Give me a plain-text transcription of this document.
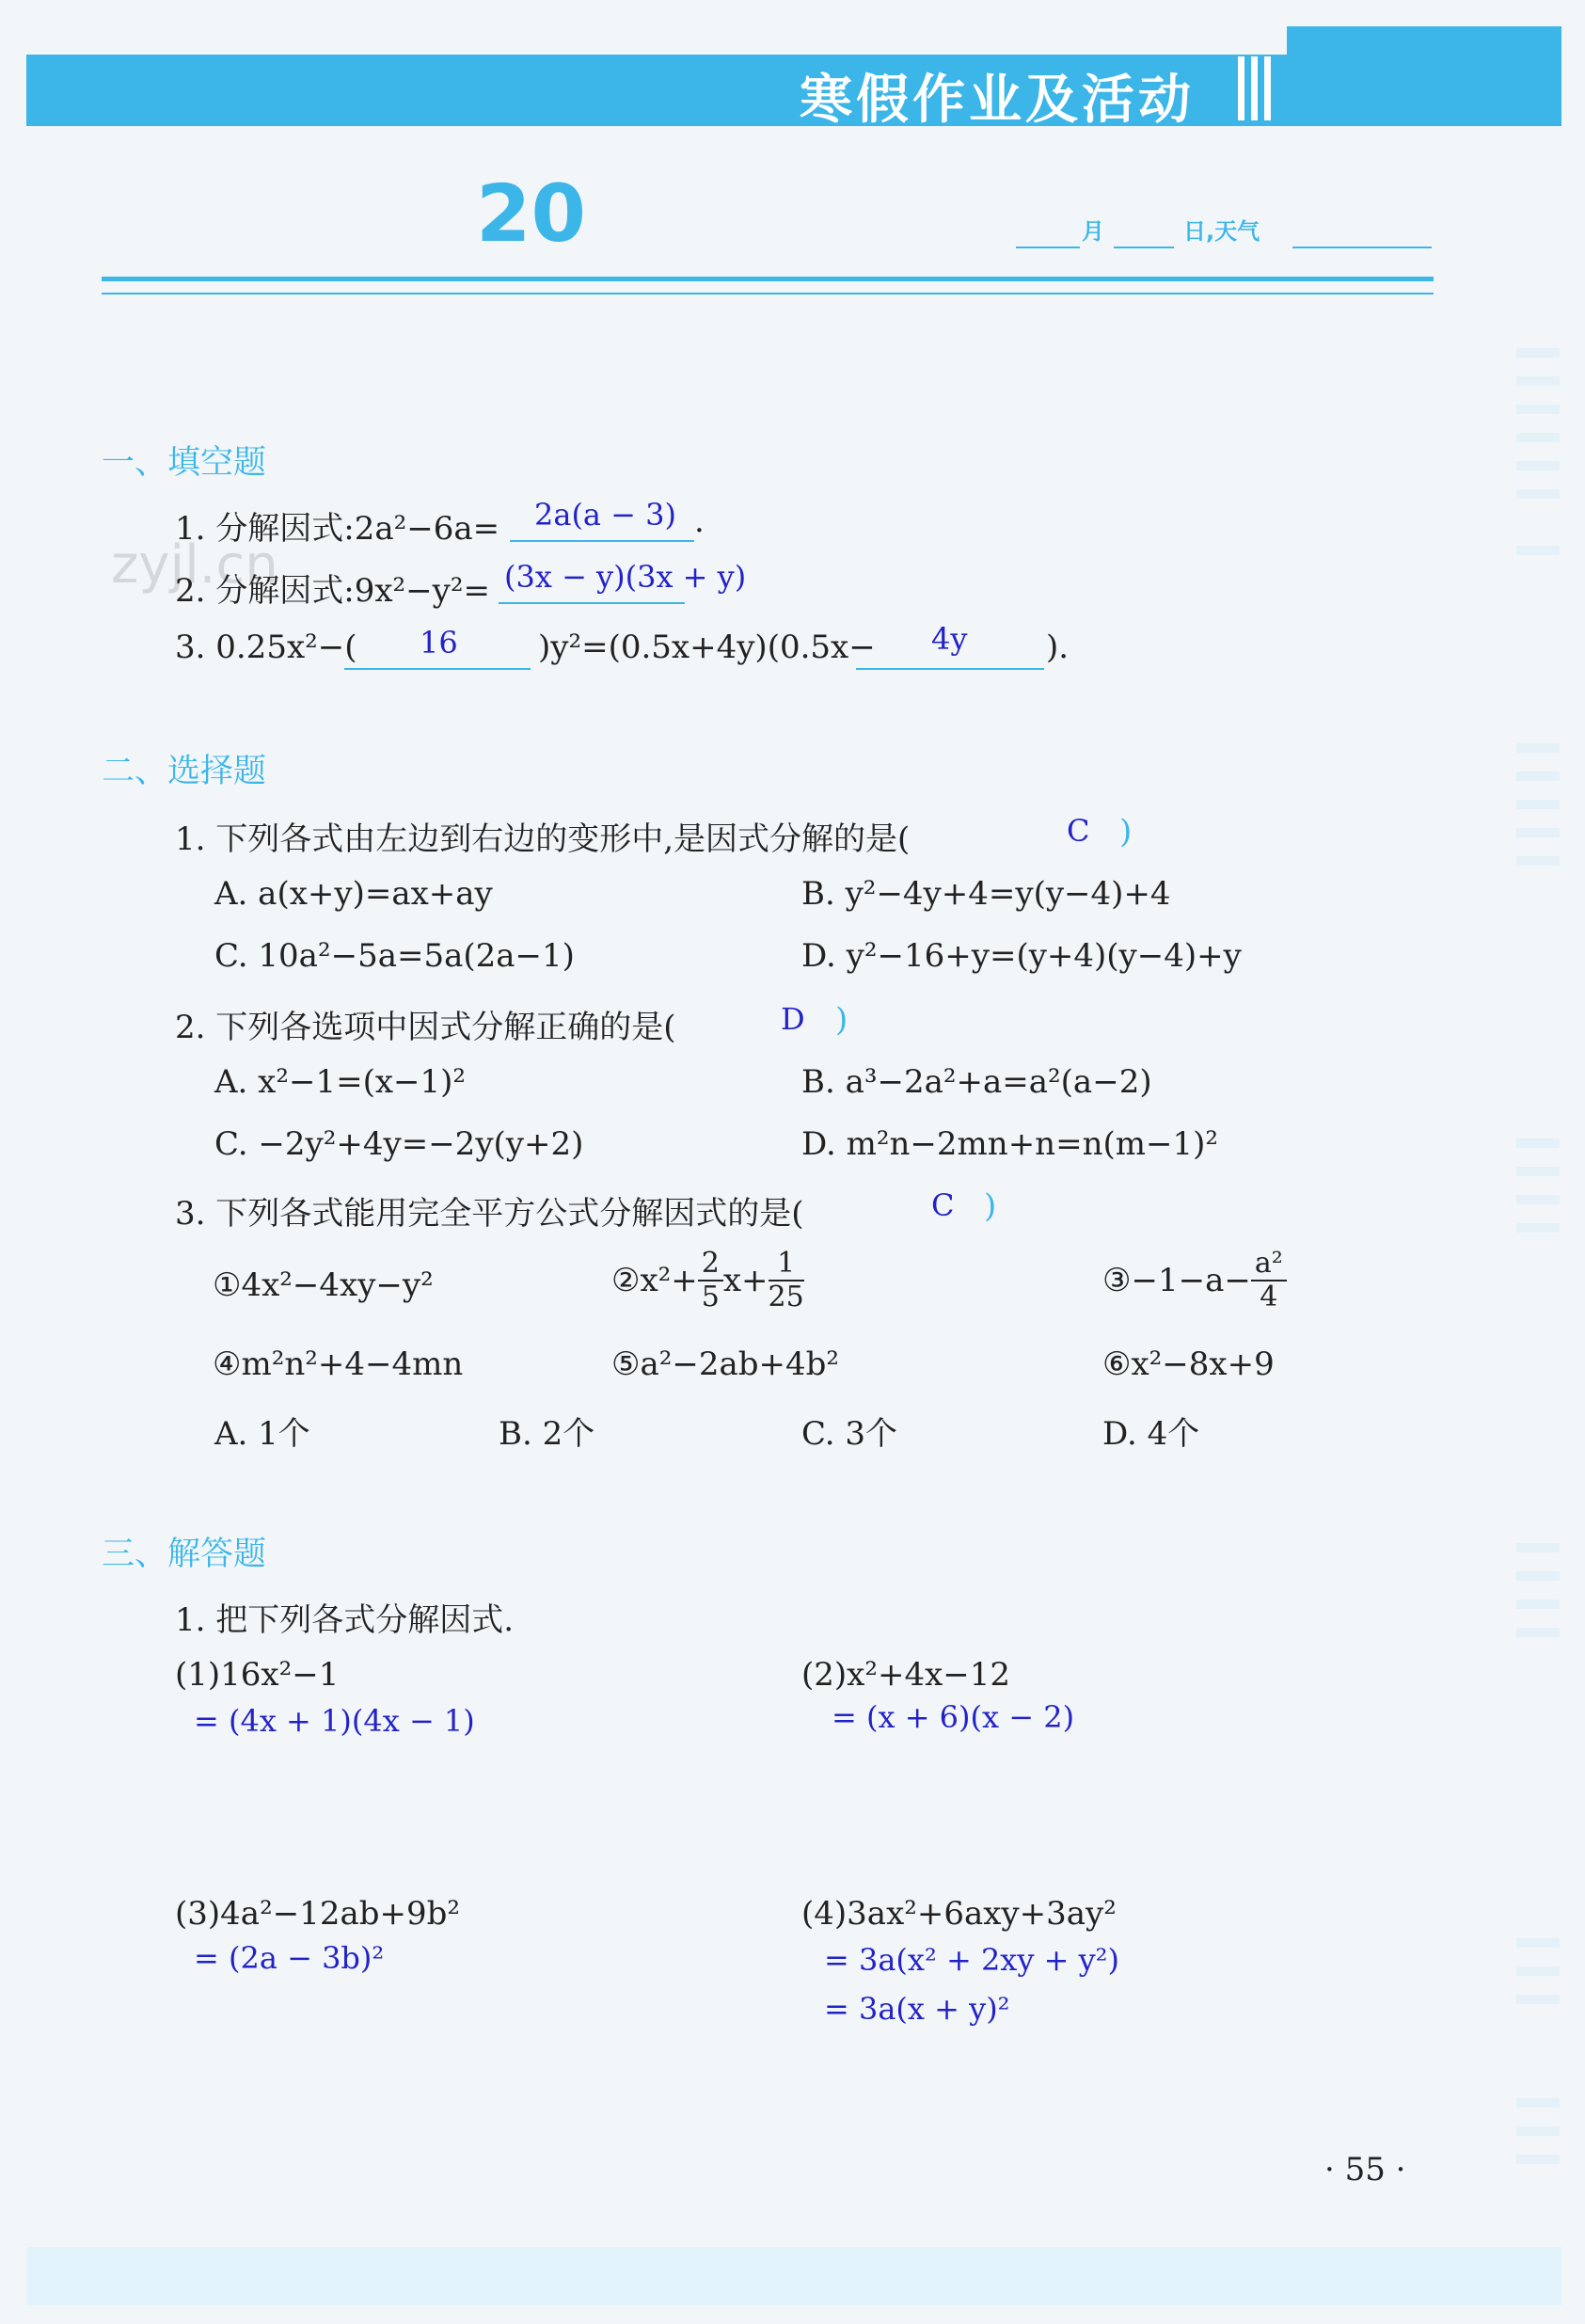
寒假作业及活动
20	月	日,天气
zyjl.cn
一、填空题
1. 分解因式:2a²−6a= 2a(a − 3) .
2. 分解因式:9x²−y²= (3x − y)(3x + y)
3. 0.25x²−( 16	)y²=(0.5x+4y)(0.5x− 4y ).
二、选择题
1. 下列各式由左边到右边的变形中,是因式分解的是(	C )
A. a(x+y)=ax+ay	B. y²−4y+4=y(y−4)+4
C. 10a²−5a=5a(2a−1)	D. y²−16+y=(y+4)(y−4)+y
2. 下列各选项中因式分解正确的是(	D )
A. x²−1=(x−1)²	B. a³−2a²+a=a²(a−2)
C. −2y²+4y=−2y(y+2)	D. m²n−2mn+n=n(m−1)²
3. 下列各式能用完全平方公式分解因式的是(	C )
①4x²−4xy−y²	②x²+ $\frac{2}{5} x+ \frac{1}{25}$	③−1−a− $\frac{\text{a²}}{4}$
④m²n²+4−4mn	⑤a²−2ab+4b²	⑥x²−8x+9
A. 1个	B. 2个	C. 3个	D. 4个
三、解答题
1. 把下列各式分解因式.
(1)16x²−1
= (4x + 1)(4x − 1)
(2)x²+4x−12
= (x + 6)(x − 2)
(3)4a²−12ab+9b²
= (2a − 3b)²
(4)3ax²+6axy+3ay²
= 3a(x² + 2xy + y²)
= 3a(x + y)²
· 55 ·
